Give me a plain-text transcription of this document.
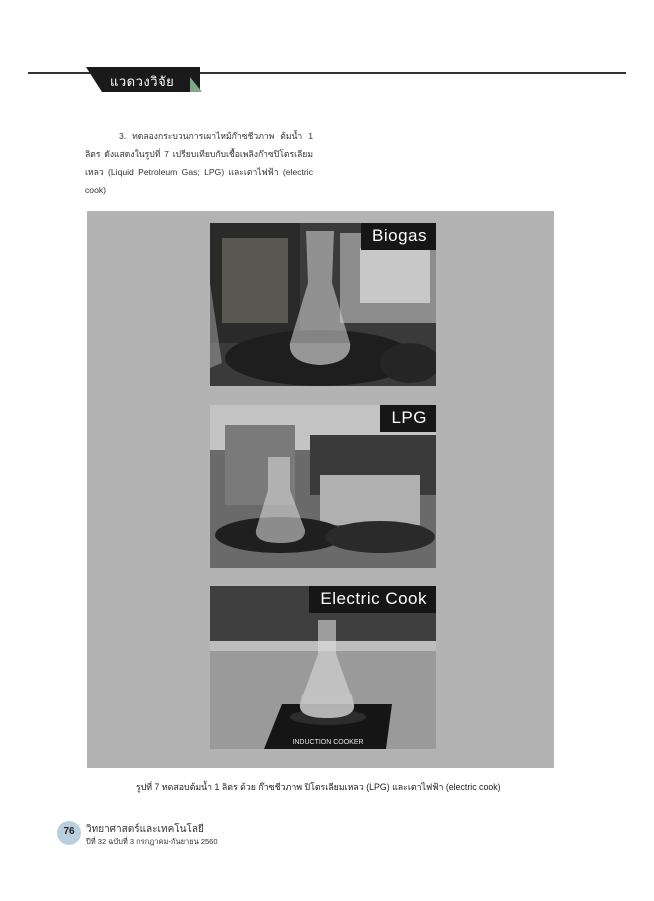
แวดวงวิจัย

3. ทดลองกระบวนการเผาไหม้ก๊าซชีวภาพ ต้มน้ำ 1 ลิตร ดังแสดงในรูปที่ 7 เปรียบเทียบกับเชื้อเพลิงก๊าซปิโตรเลียมเหลว (Liquid Petroleum Gas; LPG) และเตาไฟฟ้า (electric cook)

Biogas
LPG
INDUCTION COOKER
Electric Cook
รูปที่ 7 ทดสอบต้มน้ำ 1 ลิตร ด้วย ก๊าซชีวภาพ ปิโตรเลียมเหลว (LPG) และเตาไฟฟ้า (electric cook)
76	วิทยาศาสตร์และเทคโนโลยี
ปีที่ 32 ฉบับที่ 3 กรกฎาคม-กันยายน 2560
